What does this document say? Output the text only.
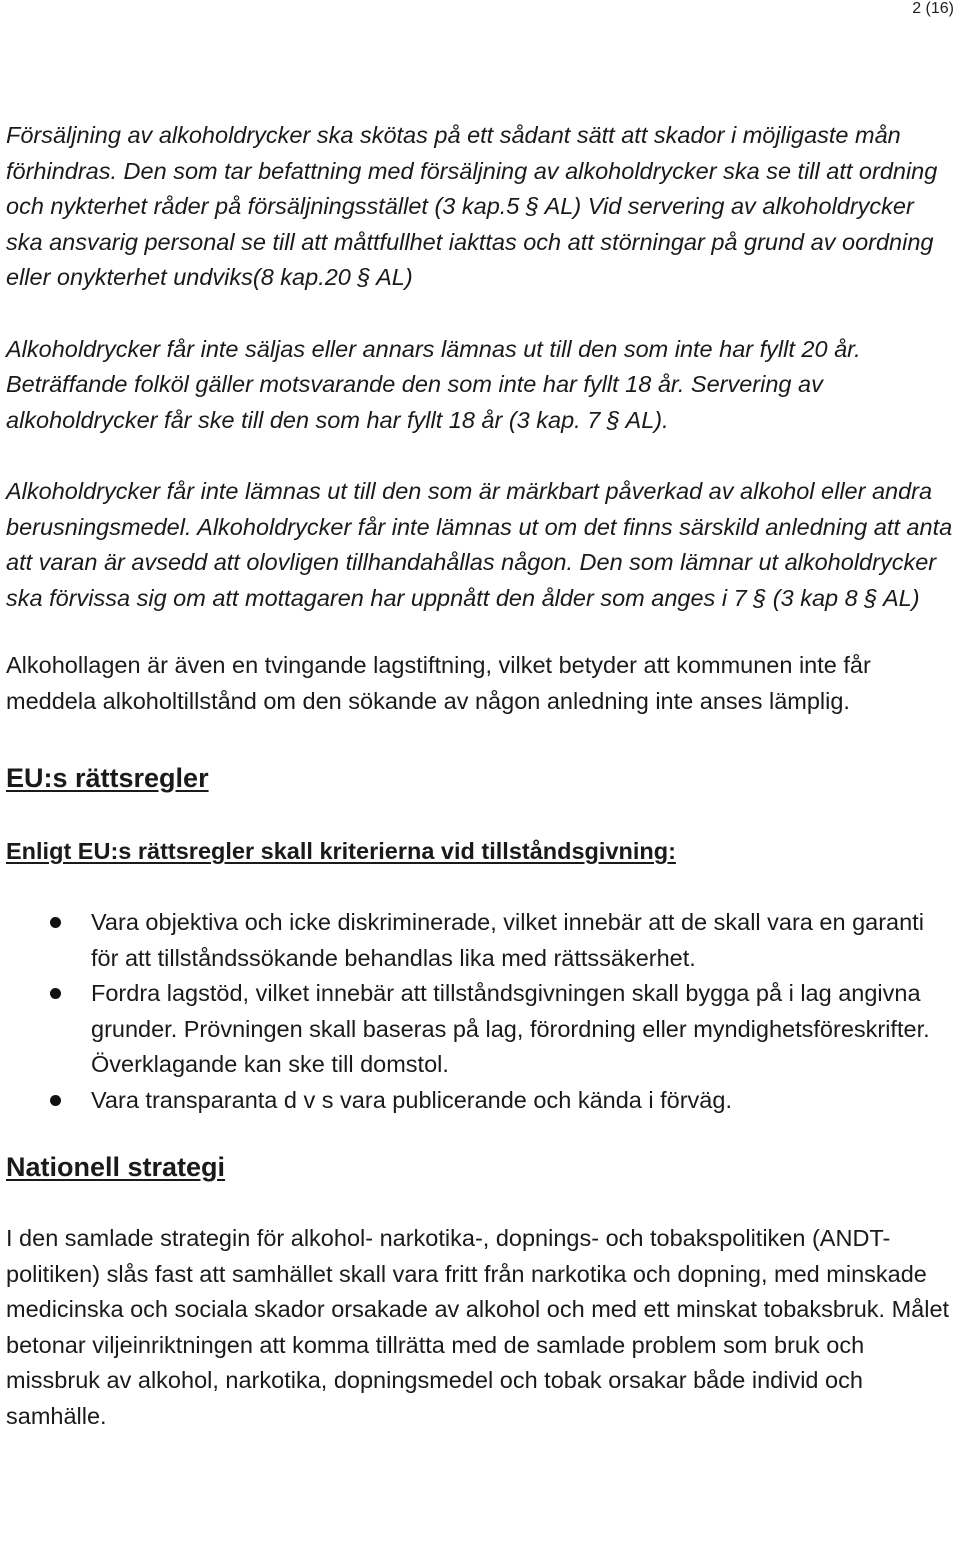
2 (16)

Försäljning av alkoholdrycker ska skötas på ett sådant sätt att skador i möjligaste mån förhindras. Den som tar befattning med försäljning av alkoholdrycker ska se till att ordning och nykterhet råder på försäljningsstället (3 kap.5 § AL) Vid servering av alkoholdrycker ska ansvarig personal se till att måttfullhet iakttas och att störningar på grund av oordning eller onykterhet undviks(8 kap.20 § AL)

Alkoholdrycker får inte säljas eller annars lämnas ut till den som inte har fyllt 20 år. Beträffande folköl gäller motsvarande den som inte har fyllt 18 år. Servering av alkoholdrycker får ske till den som har fyllt 18 år (3 kap. 7 § AL).

Alkoholdrycker får inte lämnas ut till den som är märkbart påverkad av alkohol eller andra berusningsmedel. Alkoholdrycker får inte lämnas ut om det finns särskild anledning att anta att varan är avsedd att olovligen tillhandahållas någon. Den som lämnar ut alkoholdrycker ska förvissa sig om att mottagaren har uppnått den ålder som anges i 7 § (3 kap 8 § AL)

Alkohollagen är även en tvingande lagstiftning, vilket betyder att kommunen inte får meddela alkoholtillstånd om den sökande av någon anledning inte anses lämplig.

EU:s rättsregler
Enligt EU:s rättsregler skall kriterierna vid tillståndsgivning:
Vara objektiva och icke diskriminerade, vilket innebär att de skall vara en garanti för att tillståndssökande behandlas lika med rättssäkerhet.
Fordra lagstöd, vilket innebär att tillståndsgivningen skall bygga på i lag angivna grunder. Prövningen skall baseras på lag, förordning eller myndighetsföreskrifter. Överklagande kan ske till domstol.
Vara transparanta d v s vara publicerande och kända i förväg.
Nationell strategi

I den samlade strategin för alkohol- narkotika-, dopnings- och tobakspolitiken (ANDT-politiken) slås fast att samhället skall vara fritt från narkotika och dopning, med minskade medicinska och sociala skador orsakade av alkohol och med ett minskat tobaksbruk. Målet betonar viljeinriktningen att komma tillrätta med de samlade problem som bruk och missbruk av alkohol, narkotika, dopningsmedel och tobak orsakar både individ och samhälle.
